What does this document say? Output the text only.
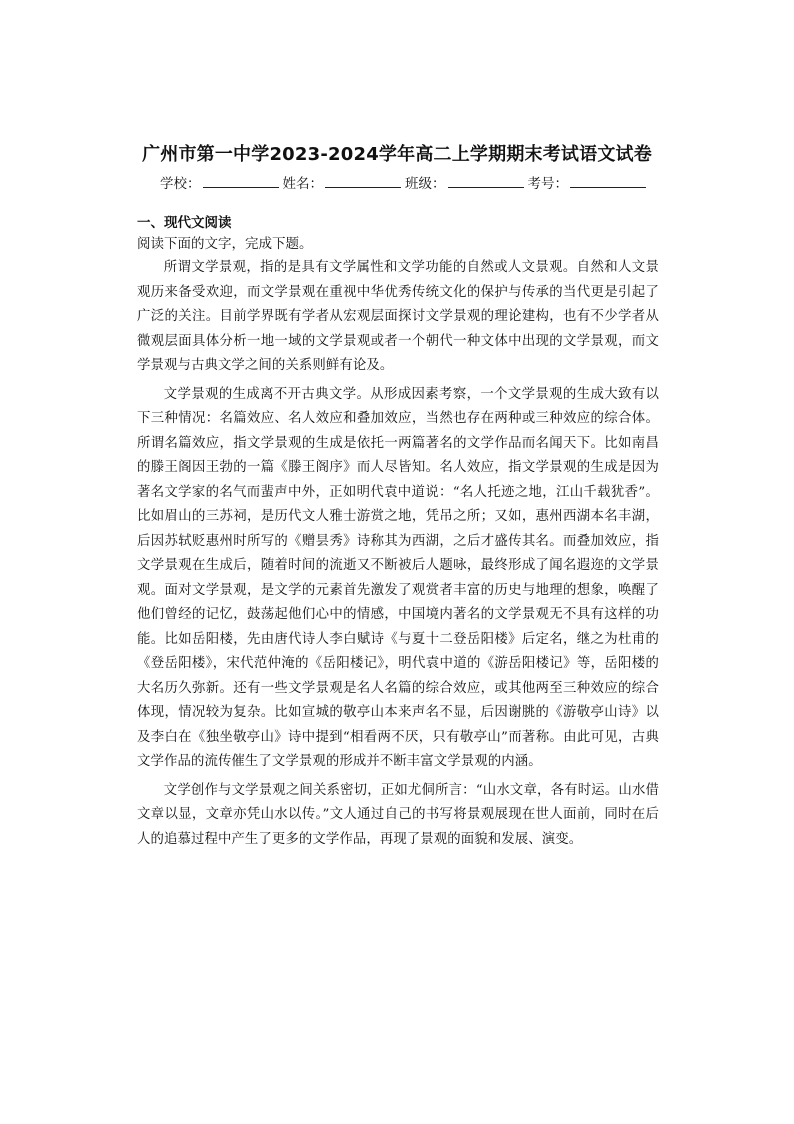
广州市第一中学2023-2024学年高二上学期期末考试语文试卷
学校：	姓名：	班级：	考号：
一、现代文阅读
阅读下面的文字，完成下题。

所谓文学景观，指的是具有文学属性和文学功能的自然或人文景观。自然和人文景观历来备受欢迎，而文学景观在重视中华优秀传统文化的保护与传承的当代更是引起了广泛的关注。目前学界既有学者从宏观层面探讨文学景观的理论建构，也有不少学者从微观层面具体分析一地一域的文学景观或者一个朝代一种文体中出现的文学景观，而文学景观与古典文学之间的关系则鲜有论及。

文学景观的生成离不开古典文学。从形成因素考察，一个文学景观的生成大致有以下三种情况：名篇效应、名人效应和叠加效应，当然也存在两种或三种效应的综合体。所谓名篇效应，指文学景观的生成是依托一两篇著名的文学作品而名闻天下。比如南昌的滕王阁因王勃的一篇《滕王阁序》而人尽皆知。名人效应，指文学景观的生成是因为著名文学家的名气而蜚声中外，正如明代袁中道说：“名人托迹之地，江山千载犹香”。比如眉山的三苏祠，是历代文人雅士游赏之地，凭吊之所；又如，惠州西湖本名丰湖，后因苏轼贬惠州时所写的《赠昙秀》诗称其为西湖，之后才盛传其名。而叠加效应，指文学景观在生成后，随着时间的流逝又不断被后人题咏，最终形成了闻名遐迩的文学景观。面对文学景观，是文学的元素首先激发了观赏者丰富的历史与地理的想象，唤醒了他们曾经的记忆，鼓荡起他们心中的情感，中国境内著名的文学景观无不具有这样的功能。比如岳阳楼，先由唐代诗人李白赋诗《与夏十二登岳阳楼》后定名，继之为杜甫的《登岳阳楼》，宋代范仲淹的《岳阳楼记》，明代袁中道的《游岳阳楼记》等，岳阳楼的大名历久弥新。还有一些文学景观是名人名篇的综合效应，或其他两至三种效应的综合体现，情况较为复杂。比如宣城的敬亭山本来声名不显，后因谢朓的《游敬亭山诗》以及李白在《独坐敬亭山》诗中提到“相看两不厌，只有敬亭山”而著称。由此可见，古典文学作品的流传催生了文学景观的形成并不断丰富文学景观的内涵。

文学创作与文学景观之间关系密切，正如尤侗所言：“山水文章，各有时运。山水借文章以显，文章亦凭山水以传。”文人通过自己的书写将景观展现在世人面前，同时在后人的追慕过程中产生了更多的文学作品，再现了景观的面貌和发展、演变。
